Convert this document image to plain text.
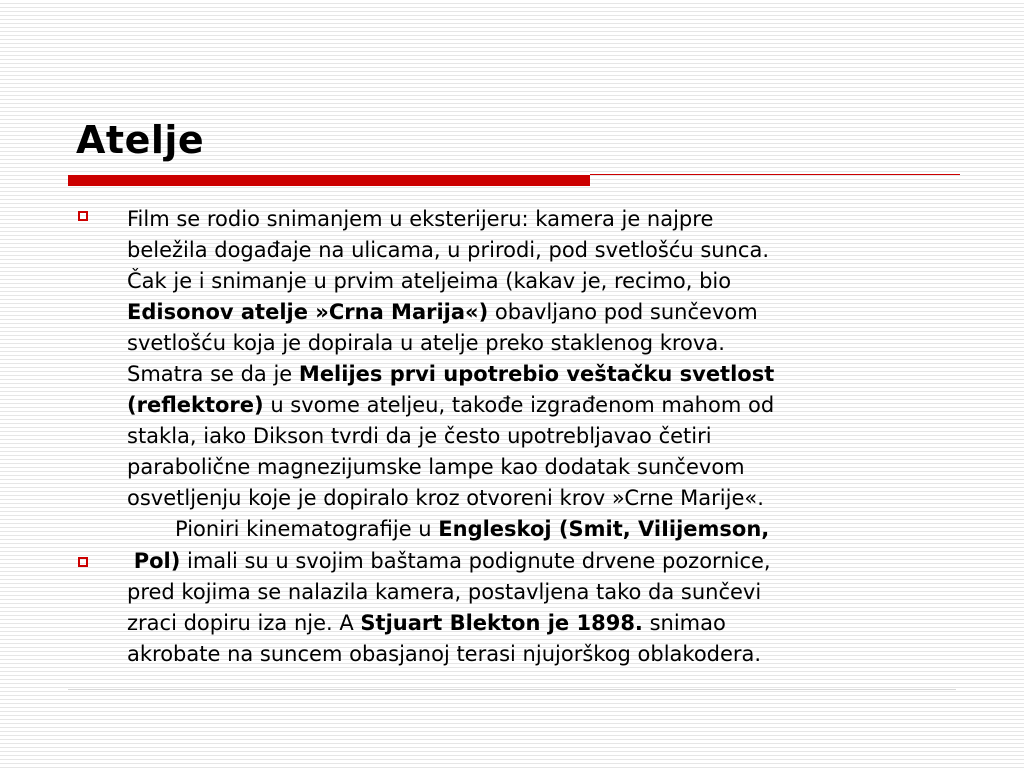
Atelje
Film se rodio snimanjem u eksterijeru: kamera je najpre
beležila događaje na ulicama, u prirodi, pod svetlošću sunca.
Čak je i snimanje u prvim ateljeima (kakav je, recimo, bio
Edisonov atelje »Crna Marija«) obavljano pod sunčevom
svetlošću koja je dopirala u atelje preko staklenog krova.
Smatra se da je Melijes prvi upotrebio veštačku svetlost
(reflektore) u svome ateljeu, takođe izgrađenom mahom od
stakla, iako Dikson tvrdi da je često upotrebljavao četiri
parabolične magnezijumske lampe kao dodatak sunčevom
osvetljenju koje je dopiralo kroz otvoreni krov »Crne Marije«.
Pioniri kinematografije u Engleskoj (Smit, ViIijemson,
Pol) imali su u svojim baštama podignute drvene pozornice,
pred kojima se nalazila kamera, postavljena tako da sunčevi
zraci dopiru iza nje. A Stjuart Blekton je 1898. snimao
akrobate na suncem obasjanoj terasi njujorškog oblakodera.
